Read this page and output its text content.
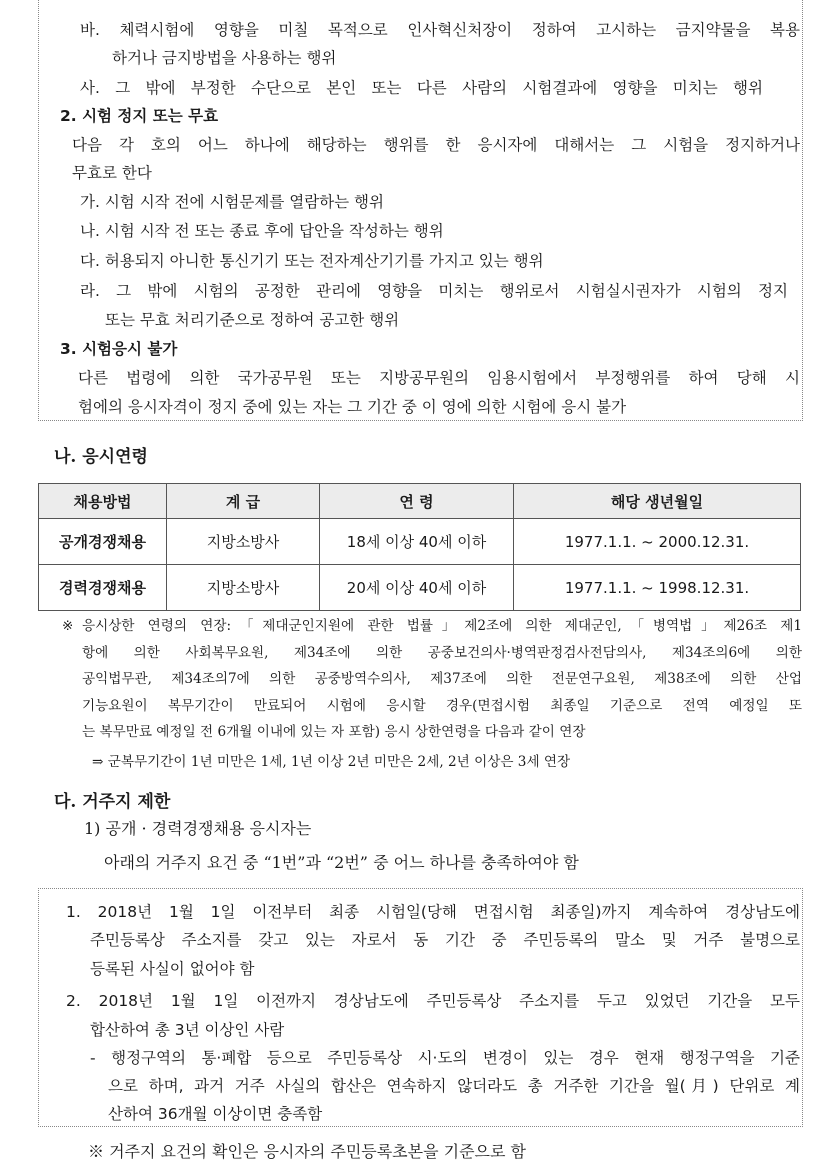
바. 체력시험에 영향을 미칠 목적으로 인사혁신처장이 정하여 고시하는 금지약물을 복용
하거나 금지방법을 사용하는 행위
사. 그 밖에 부정한 수단으로 본인 또는 다른 사람의 시험결과에 영향을 미치는 행위
2. 시험 정지 또는 무효
다음 각 호의 어느 하나에 해당하는 행위를 한 응시자에 대해서는 그 시험을 정지하거나
무효로 한다
가. 시험 시작 전에 시험문제를 열람하는 행위
나. 시험 시작 전 또는 종료 후에 답안을 작성하는 행위
다. 허용되지 아니한 통신기기 또는 전자계산기기를 가지고 있는 행위
라. 그 밖에 시험의 공정한 관리에 영향을 미치는 행위로서 시험실시권자가 시험의 정지
또는 무효 처리기준으로 정하여 공고한 행위
3. 시험응시 불가
다른 법령에 의한 국가공무원 또는 지방공무원의 임용시험에서 부정행위를 하여 당해 시
험에의 응시자격이 정지 중에 있는 자는 그 기간 중 이 영에 의한 시험에 응시 불가
나. 응시연령
채용방법	계 급	연 령	해당 생년월일
공개경쟁채용	지방소방사	18세 이상 40세 이하	1977.1.1. ~ 2000.12.31.
경력경쟁채용	지방소방사	20세 이상 40세 이하	1977.1.1. ~ 1998.12.31.
※ 응시상한 연령의 연장:「제대군인지원에 관한 법률」제2조에 의한 제대군인,「병역법」제26조 제1
항에 의한 사회복무요원, 제34조에 의한 공중보건의사·병역판정검사전담의사, 제34조의6에 의한
공익법무관, 제34조의7에 의한 공중방역수의사, 제37조에 의한 전문연구요원, 제38조에 의한 산업
기능요원이 복무기간이 만료되어 시험에 응시할 경우(면접시험 최종일 기준으로 전역 예정일 또
는 복무만료 예정일 전 6개월 이내에 있는 자 포함) 응시 상한연령을 다음과 같이 연장
⇒ 군복무기간이 1년 미만은 1세, 1년 이상 2년 미만은 2세, 2년 이상은 3세 연장
다. 거주지 제한
1) 공개 · 경력경쟁채용 응시자는
아래의 거주지 요건 중 “1번”과 “2번” 중 어느 하나를 충족하여야 함
1. 2018년 1월 1일 이전부터 최종 시험일(당해 면접시험 최종일)까지 계속하여 경상남도에
주민등록상 주소지를 갖고 있는 자로서 동 기간 중 주민등록의 말소 및 거주 불명으로
등록된 사실이 없어야 함
2. 2018년 1월 1일 이전까지 경상남도에 주민등록상 주소지를 두고 있었던 기간을 모두
합산하여 총 3년 이상인 사람
- 행정구역의 통·폐합 등으로 주민등록상 시·도의 변경이 있는 경우 현재 행정구역을 기준
으로 하며, 과거 거주 사실의 합산은 연속하지 않더라도 총 거주한 기간을 월(月) 단위로 계
산하여 36개월 이상이면 충족함
※ 거주지 요건의 확인은 응시자의 주민등록초본을 기준으로 함
